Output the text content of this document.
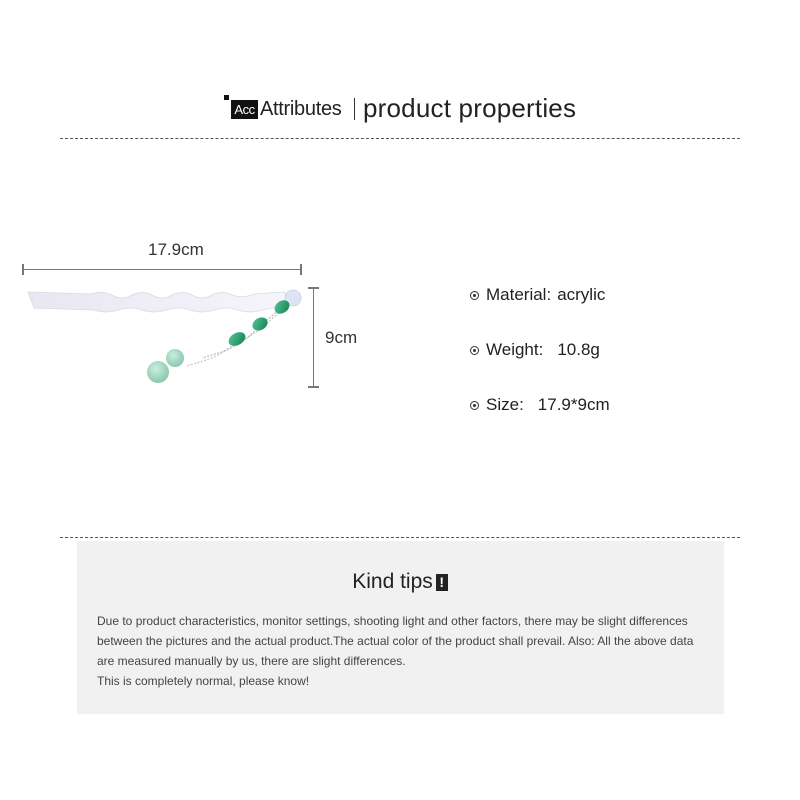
Acc Attributes product properties
17.9cm
9cm
Material: acrylic
Weight: 10.8g
Size: 17.9*9cm
Kind tips !

Due to product characteristics, monitor settings, shooting light and other factors, there may be slight differences between the pictures and the actual product.The actual color of the product shall prevail. Also: All the above data are measured manually by us, there are slight differences.

This is completely normal, please know!
